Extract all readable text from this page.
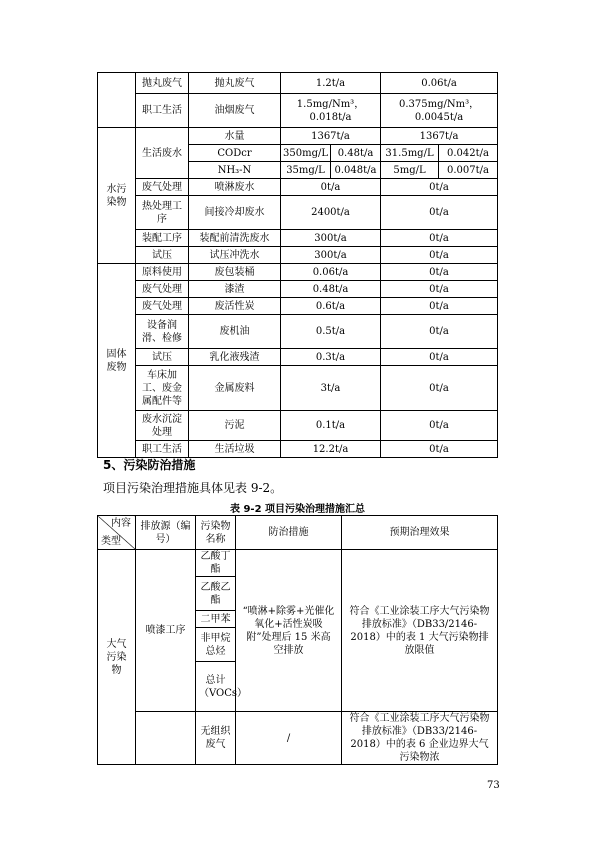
	抛丸废气	抛丸废气	1.2t/a		0.06t/a	
	职工生活	油烟废气	1.5mg/Nm³，0.018t/a		0.375mg/Nm³，0.0045t/a	
水污染物	生活废水	水量	1367t/a		1367t/a	
		CODcr	350mg/L	0.48t/a	31.5mg/L	0.042t/a
		NH₃-N	35mg/L	0.048t/a	5mg/L	0.007t/a
	废气处理	喷淋废水	0t/a		0t/a	
	热处理工序	间接冷却废水	2400t/a		0t/a	
	装配工序	装配前清洗废水	300t/a		0t/a	
	试压	试压冲洗水	300t/a		0t/a	
固体废物	原料使用	废包装桶	0.06t/a		0t/a	
	废气处理	漆渣	0.48t/a		0t/a	
	废气处理	废活性炭	0.6t/a		0t/a	
	设备润滑、检修	废机油	0.5t/a		0t/a	
	试压	乳化液残渣	0.3t/a		0t/a	
	车床加工、废金属配件等	金属废料	3t/a		0t/a	
	废水沉淀处理	污泥	0.1t/a		0t/a	
	职工生活	生活垃圾	12.2t/a		0t/a	
5、污染防治措施
项目污染治理措施具体见表 9-2。
表 9-2 项目污染治理措施汇总
内容
类型	排放源（编号）	污染物名称	防治措施	预期治理效果
大气污染物	喷漆工序	乙酸丁酯	“喷淋+除雾+光催化氧化+活性炭吸附”处理后 15 米高空排放	符合《工业涂装工序大气污染物排放标准》（DB33/2146-2018）中的表 1 大气污染物排放限值
		乙酸乙酯		
		二甲苯		
		非甲烷总烃		
		总计（VOCs）		
		无组织废气	/	符合《工业涂装工序大气污染物排放标准》（DB33/2146-2018）中的表 6 企业边界大气污染物浓
73
